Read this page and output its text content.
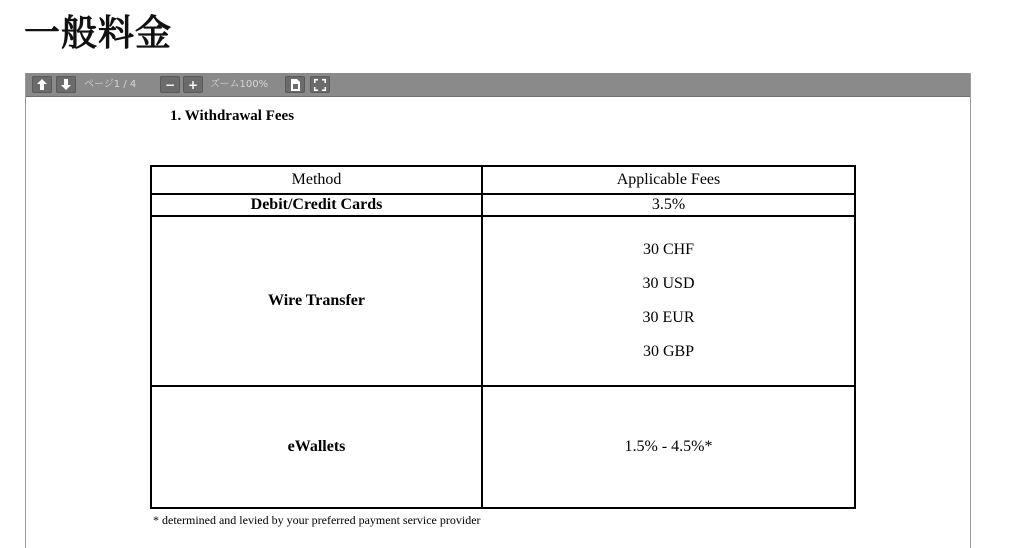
一般料金
ページ1 / 4 − + ズーム100%
1. Withdrawal Fees
Method	Applicable Fees
Debit/Credit Cards	3.5%
Wire Transfer	30 CHF
30 USD
30 EUR
30 GBP

eWallets	1.5% - 4.5%*
* determined and levied by your preferred payment service provider
